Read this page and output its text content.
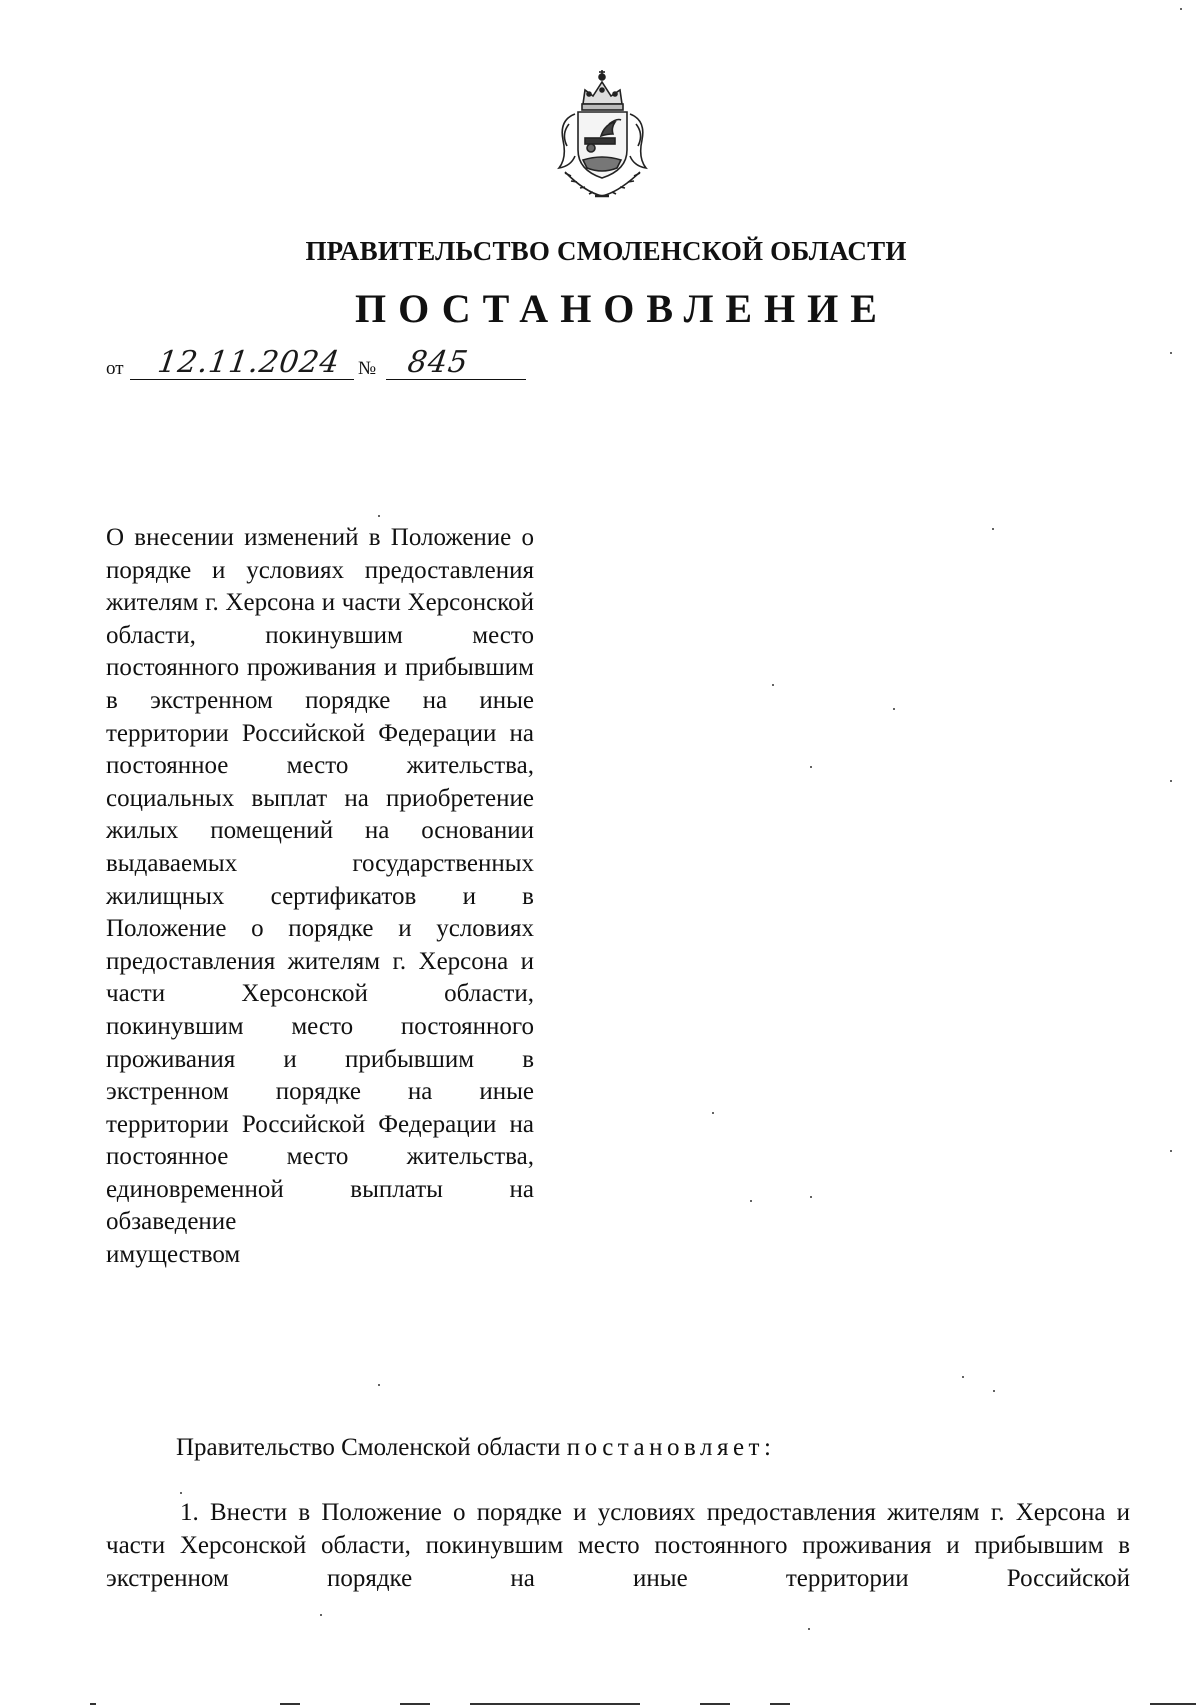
ПРАВИТЕЛЬСТВО СМОЛЕНСКОЙ ОБЛАСТИ
ПОСТАНОВЛЕНИЕ
от 12.11.2024 № 845
О внесении изменений в Положение о порядке и условиях предоставления жителям г. Херсона и части Херсонской области, покинувшим место постоянного проживания и прибывшим в экстренном порядке на иные территории Российской Федерации на постоянное место жительства, социальных выплат на приобретение жилых помещений на основании выдаваемых государственных жилищных сертификатов и в Положение о порядке и условиях предоставления жителям г. Херсона и части Херсонской	области, покинувшим место постоянного проживания и прибывшим в экстренном порядке на иные территории Российской Федерации на постоянное место жительства, единовременной	выплаты на обзаведение
имуществом
Правительство Смоленской области постановляет:
1. Внести в Положение о порядке и условиях предоставления жителям г. Херсона и части Херсонской области, покинувшим место постоянного проживания и прибывшим в экстренном порядке на иные территории Российской
